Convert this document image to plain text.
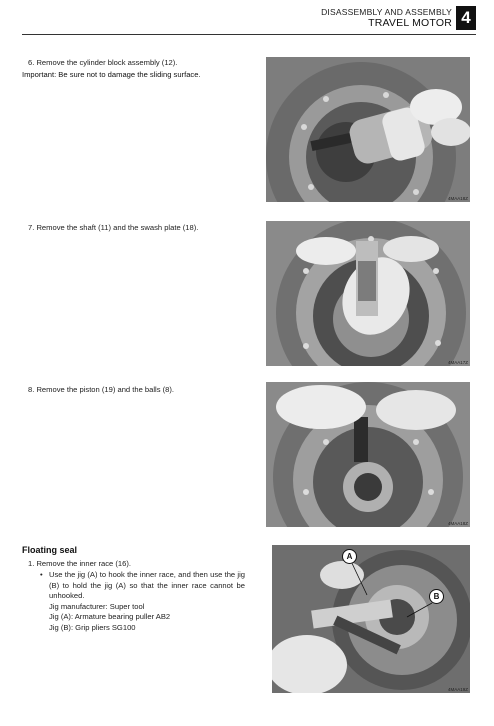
DISASSEMBLY AND ASSEMBLY
TRAVEL MOTOR 4
6. Remove the cylinder block assembly (12).
Important: Be sure not to damage the sliding surface.
4MAA18Z
7. Remove the shaft (11) and the swash plate (18).
4MAA17Z
8. Remove the piston (19) and the balls (8).
4MAA18Z
Floating seal
1. Remove the inner race (16).
• Use the jig (A) to hook the inner race, and then use the jig (B) to hold the jig (A) so that the inner race cannot be unhooked.
Jig manufacturer: Super tool
Jig (A): Armature bearing puller AB2
Jig (B): Grip pliers SG100
A
B
4MAA19Z
